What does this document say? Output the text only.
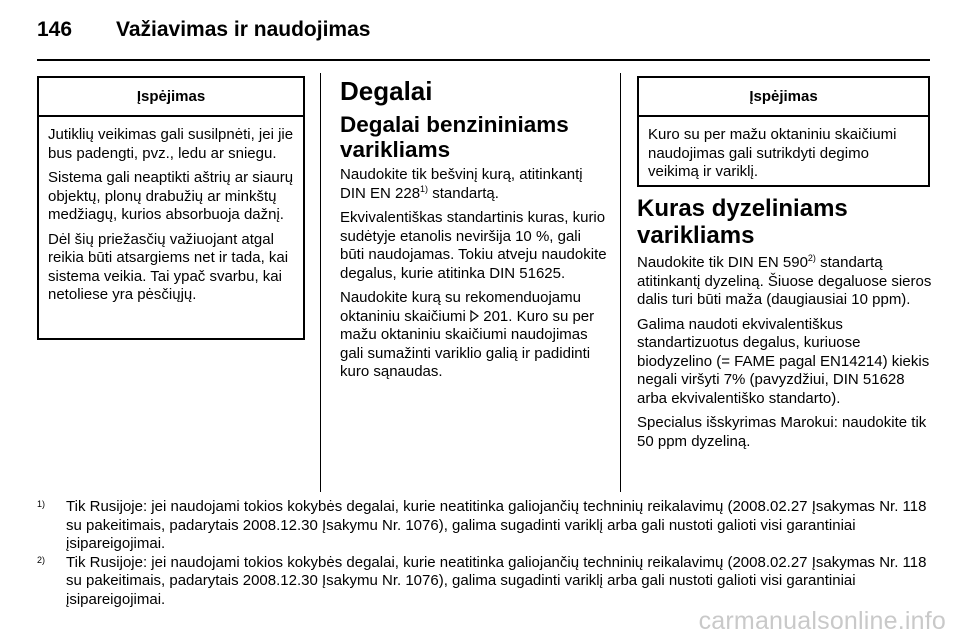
146 Važiavimas ir naudojimas
Įspėjimas

Jutiklių veikimas gali susilpnėti, jei jie bus padengti, pvz., ledu ar sniegu.

Sistema gali neaptikti aštrių ar siaurų objektų, plonų drabužių ar minkštų medžiagų, kurios absorbuoja dažnį.

Dėl šių priežasčių važiuojant atgal reikia būti atsargiems net ir tada, kai sistema veikia. Tai ypač svarbu, kai netoliese yra pėsčiųjų.

Degalai
Degalai benzininiams varikliams

Naudokite tik bešvinį kurą, atitinkantį DIN EN 228$^{1)}$ standartą.

Ekvivalentiškas standartinis kuras, kurio sudėtyje etanolis neviršija 10 %, gali būti naudojamas. Tokiu atveju naudokite degalus, kurie atitinka DIN 51625.

Naudokite kurą su rekomenduojamu oktaniniu skaičiumi  201. Kuro su per mažu oktaniniu skaičiumi naudojimas gali sumažinti variklio galią ir padidinti kuro sąnaudas.

Įspėjimas

Kuro su per mažu oktaniniu skaičiumi naudojimas gali sutrikdyti degimo veikimą ir variklį.

Kuras dyzeliniams varikliams

Naudokite tik DIN EN 590$^{2)}$ standartą atitinkantį dyzeliną. Šiuose degaluose sieros dalis turi būti maža (daugiausiai 10 ppm).

Galima naudoti ekvivalentiškus standartizuotus degalus, kuriuose biodyzelino (= FAME pagal EN14214) kiekis negali viršyti 7% (pavyzdžiui, DIN 51628 arba ekvivalentiško standarto).

Specialus išskyrimas Marokui: naudokite tik 50 ppm dyzeliną.

1) Tik Rusijoje: jei naudojami tokios kokybės degalai, kurie neatitinka galiojančių techninių reikalavimų (2008.02.27 Įsakymas Nr. 118 su pakeitimais, padarytais 2008.12.30 Įsakymu Nr. 1076), galima sugadinti variklį arba gali nustoti galioti visi garantiniai įsipareigojimai.

2) Tik Rusijoje: jei naudojami tokios kokybės degalai, kurie neatitinka galiojančių techninių reikalavimų (2008.02.27 Įsakymas Nr. 118 su pakeitimais, padarytais 2008.12.30 Įsakymu Nr. 1076), galima sugadinti variklį arba gali nustoti galioti visi garantiniai įsipareigojimai.

carmanualsonline.info
